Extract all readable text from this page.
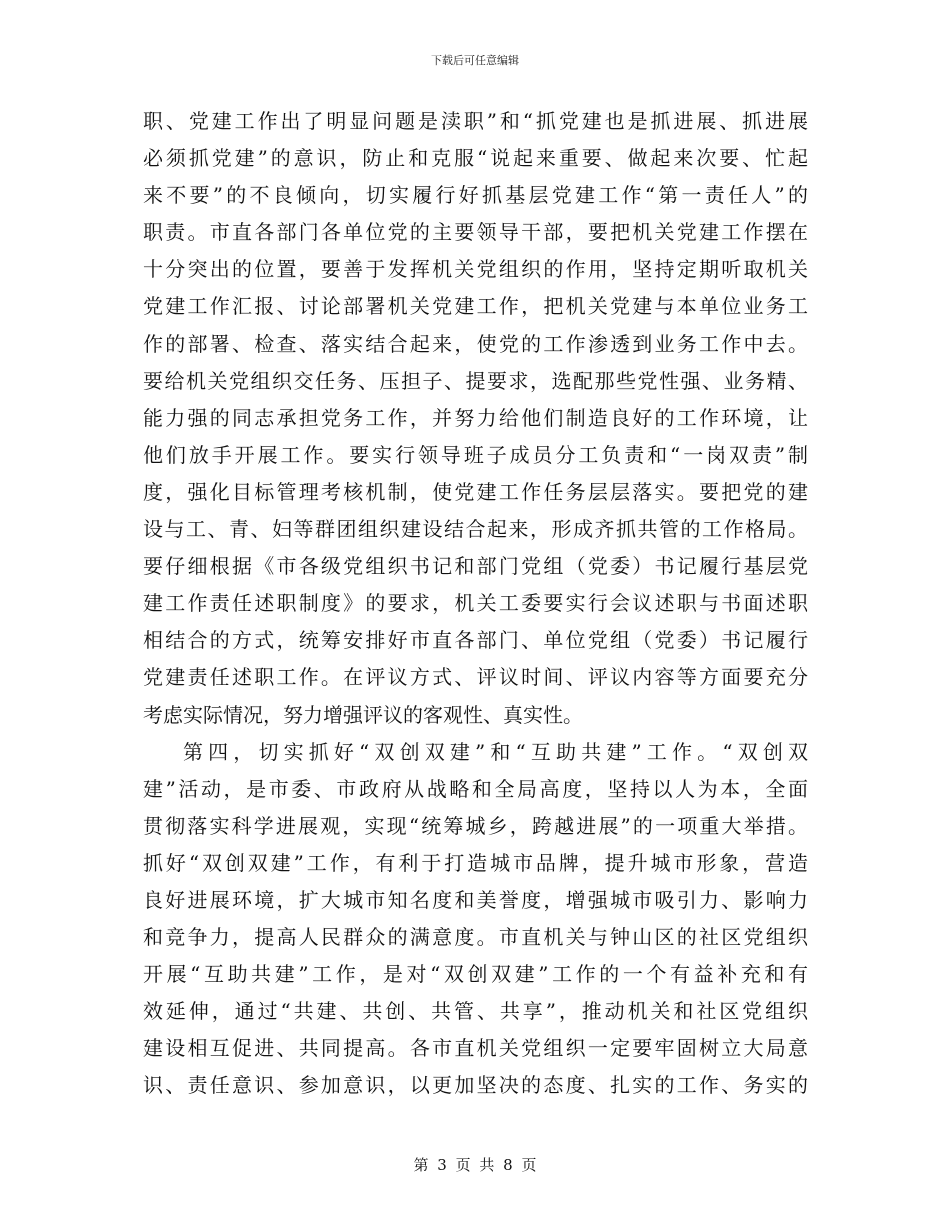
下载后可任意编辑
职、党建工作出了明显问题是渎职”和“抓党建也是抓进展、抓进展
必须抓党建”的意识，防止和克服“说起来重要、做起来次要、忙起
来不要”的不良倾向，切实履行好抓基层党建工作“第一责任人”的
职责。市直各部门各单位党的主要领导干部，要把机关党建工作摆在
十分突出的位置，要善于发挥机关党组织的作用，坚持定期听取机关
党建工作汇报、讨论部署机关党建工作，把机关党建与本单位业务工
作的部署、检查、落实结合起来，使党的工作渗透到业务工作中去。
要给机关党组织交任务、压担子、提要求，选配那些党性强、业务精、
能力强的同志承担党务工作，并努力给他们制造良好的工作环境，让
他们放手开展工作。要实行领导班子成员分工负责和“一岗双责”制
度，强化目标管理考核机制，使党建工作任务层层落实。要把党的建
设与工、青、妇等群团组织建设结合起来，形成齐抓共管的工作格局。
要仔细根据《市各级党组织书记和部门党组（党委）书记履行基层党
建工作责任述职制度》的要求，机关工委要实行会议述职与书面述职
相结合的方式，统筹安排好市直各部门、单位党组（党委）书记履行
党建责任述职工作。在评议方式、评议时间、评议内容等方面要充分
考虑实际情况，努力增强评议的客观性、真实性。
第四，切实抓好“双创双建”和“互助共建”工作。“双创双
建”活动，是市委、市政府从战略和全局高度，坚持以人为本，全面
贯彻落实科学进展观，实现“统筹城乡，跨越进展”的一项重大举措。
抓好“双创双建”工作，有利于打造城市品牌，提升城市形象，营造
良好进展环境，扩大城市知名度和美誉度，增强城市吸引力、影响力
和竞争力，提高人民群众的满意度。市直机关与钟山区的社区党组织
开展“互助共建”工作，是对“双创双建”工作的一个有益补充和有
效延伸，通过“共建、共创、共管、共享”，推动机关和社区党组织
建设相互促进、共同提高。各市直机关党组织一定要牢固树立大局意
识、责任意识、参加意识，以更加坚决的态度、扎实的工作、务实的
第 3 页 共 8 页
